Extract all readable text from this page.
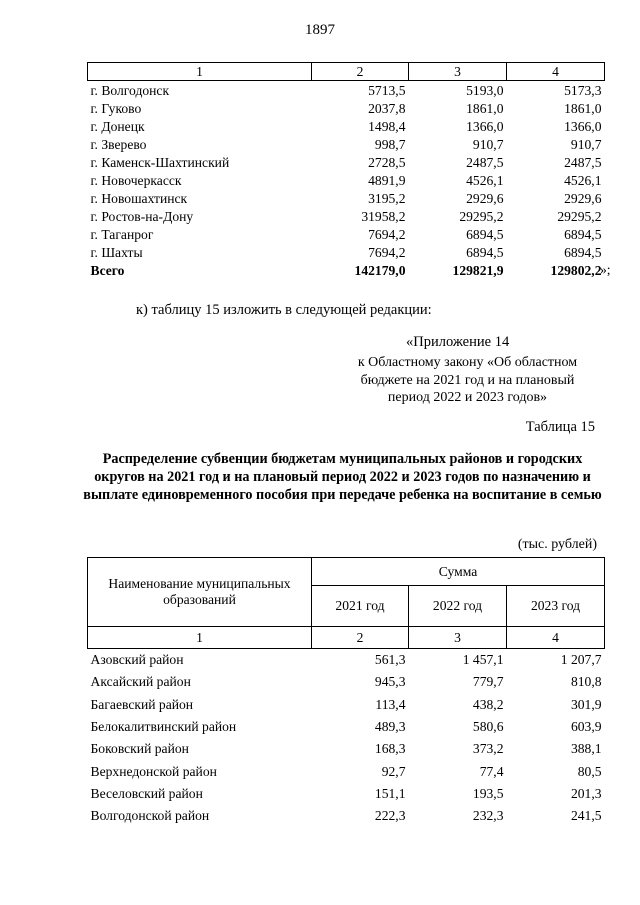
1897
1	2	3	4
г. Волгодонск	5713,5	5193,0	5173,3
г. Гуково	2037,8	1861,0	1861,0
г. Донецк	1498,4	1366,0	1366,0
г. Зверево	998,7	910,7	910,7
г. Каменск-Шахтинский	2728,5	2487,5	2487,5
г. Новочеркасск	4891,9	4526,1	4526,1
г. Новошахтинск	3195,2	2929,6	2929,6
г. Ростов-на-Дону	31958,2	29295,2	29295,2
г. Таганрог	7694,2	6894,5	6894,5
г. Шахты	7694,2	6894,5	6894,5
Всего	142179,0	129821,9	129802,2
»;
к) таблицу 15 изложить в следующей редакции:
«Приложение 14
к Областному закону «Об областном бюджете на 2021 год и на плановый период 2022 и 2023 годов»
Таблица 15
Распределение субвенции бюджетам муниципальных районов и городских округов на 2021 год и на плановый период 2022 и 2023 годов по назначению и выплате единовременного пособия при передаче ребенка на воспитание в семью
(тыс. рублей)
Наименование муниципальных образований	Сумма		
	2021 год	2022 год	2023 год
1	2	3	4
Азовский район	561,3	1 457,1	1 207,7
Аксайский район	945,3	779,7	810,8
Багаевский район	113,4	438,2	301,9
Белокалитвинский район	489,3	580,6	603,9
Боковский район	168,3	373,2	388,1
Верхнедонской район	92,7	77,4	80,5
Веселовский район	151,1	193,5	201,3
Волгодонской район	222,3	232,3	241,5
